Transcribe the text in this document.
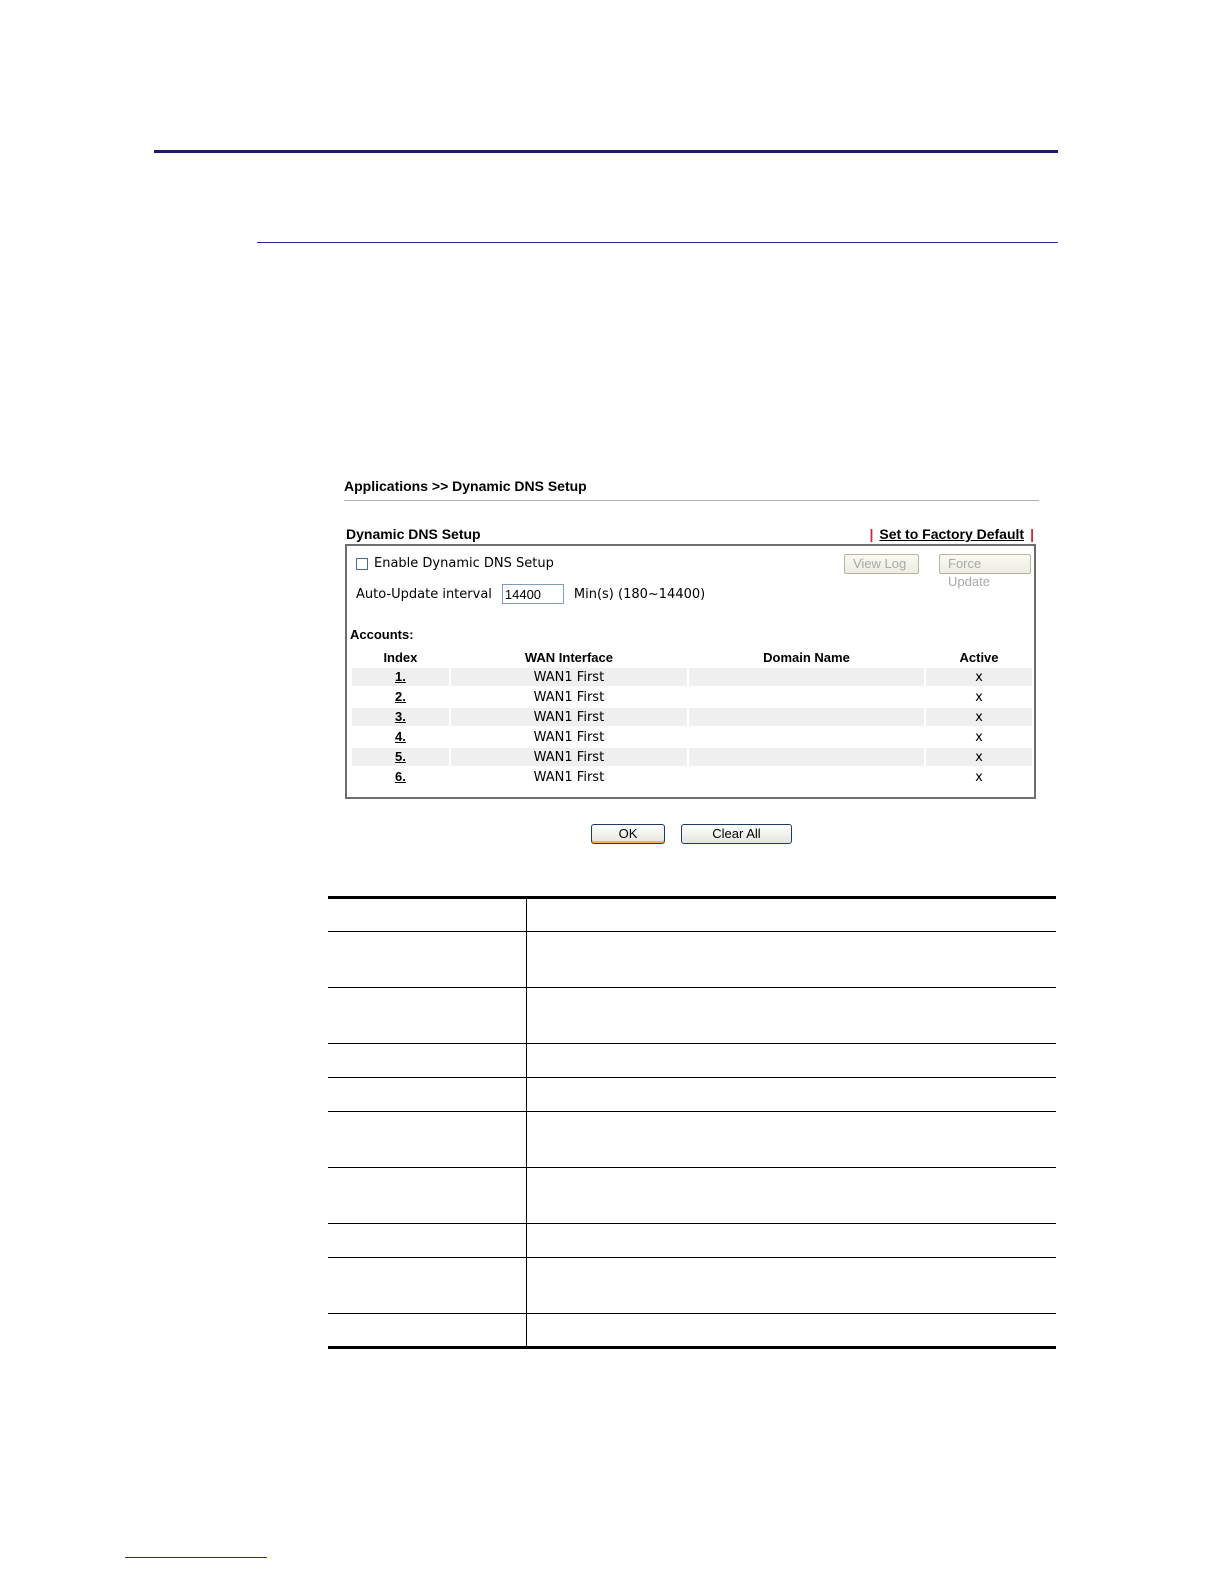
Applications >> Dynamic DNS Setup
Dynamic DNS Setup	| Set to Factory Default |
Enable Dynamic DNS Setup	View Log	Force Update
Auto-Update interval
14400	Min(s) (180~14400)
Accounts:
Index	WAN Interface	Domain Name	Active
1.	WAN1 First		x
2.	WAN1 First		x
3.	WAN1 First		x
4.	WAN1 First		x
5.	WAN1 First		x
6.	WAN1 First		x
OK	Clear All
